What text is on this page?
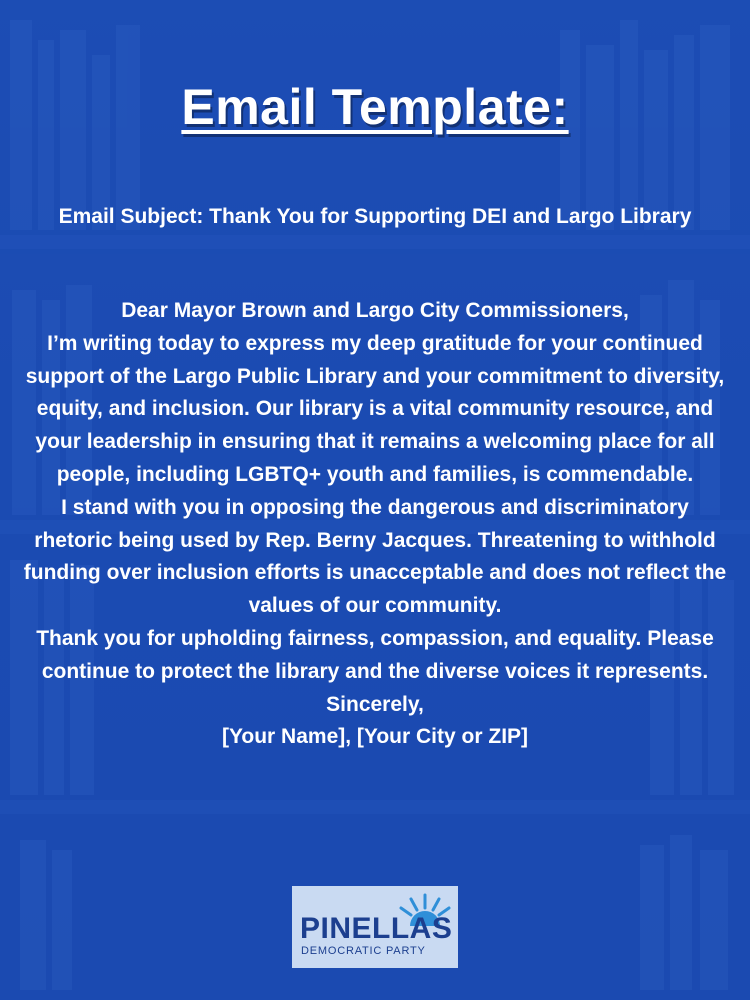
Email Template:
Email Subject: Thank You for Supporting DEI and Largo Library

Dear Mayor Brown and Largo City Commissioners,

I’m writing today to express my deep gratitude for your continued support of the Largo Public Library and your commitment to diversity, equity, and inclusion. Our library is a vital community resource, and your leadership in ensuring that it remains a welcoming place for all people, including LGBTQ+ youth and families, is commendable.

I stand with you in opposing the dangerous and discriminatory rhetoric being used by Rep. Berny Jacques. Threatening to withhold funding over inclusion efforts is unacceptable and does not reflect the values of our community.

Thank you for upholding fairness, compassion, and equality. Please continue to protect the library and the diverse voices it represents.

Sincerely,

[Your Name], [Your City or ZIP]

PINELLAS
DEMOCRATIC PARTY
